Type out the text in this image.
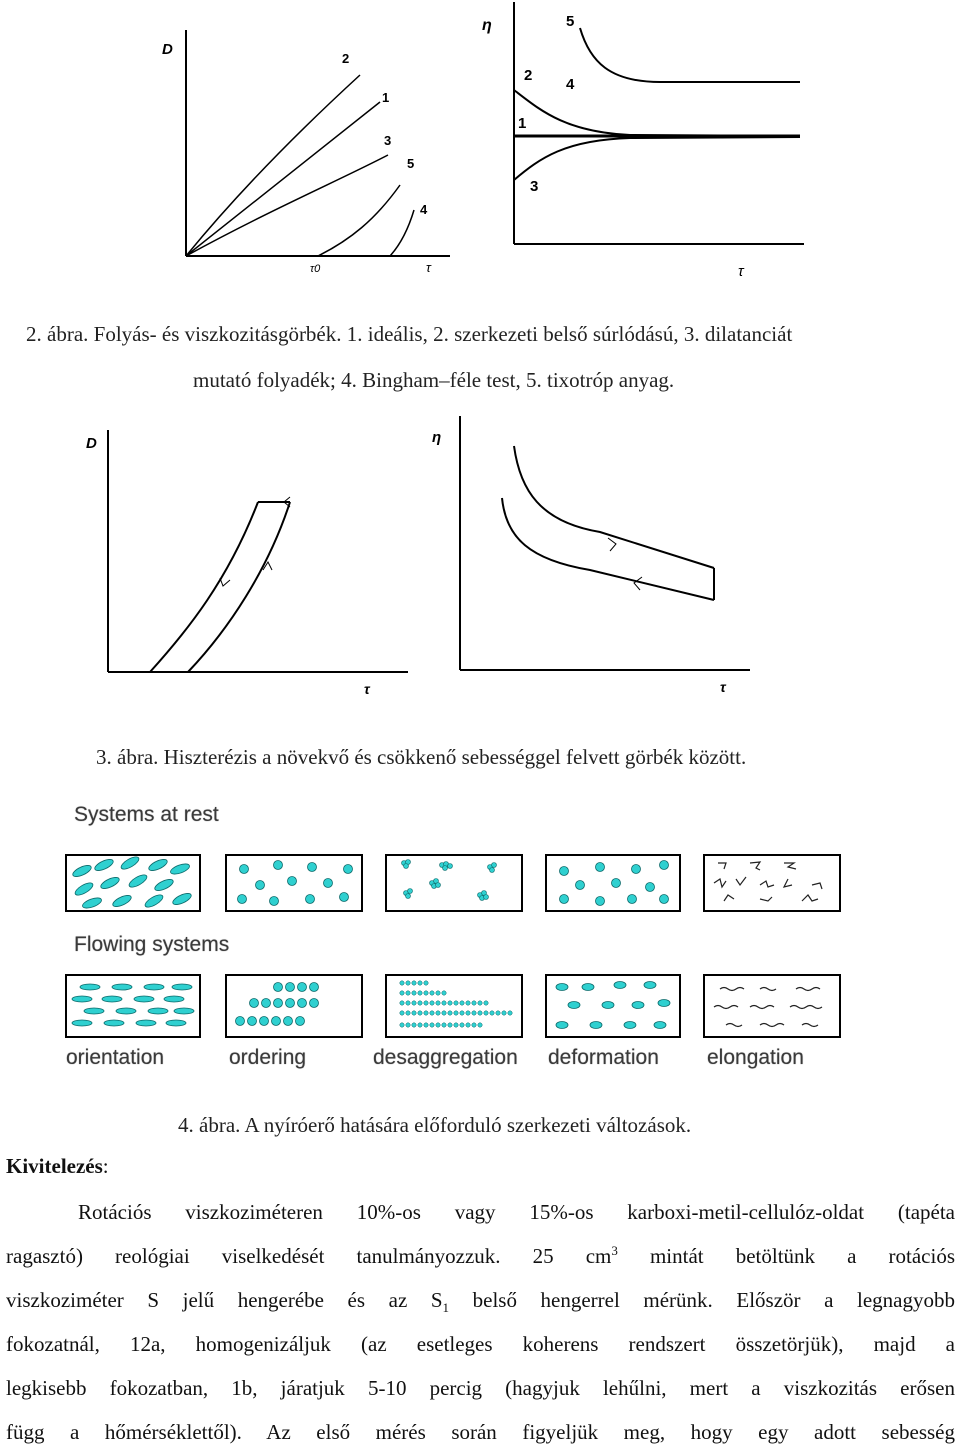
D
2
1
3
5
4
τ0	τ
η	5
2
4
1
3
τ
2. ábra. Folyás- és viszkozitásgörbék. 1. ideális, 2. szerkezeti belső súrlódású, 3. dilatanciát
mutató folyadék; 4. Bingham–féle test, 5. tixotróp anyag.
D
τ
η
τ
3. ábra. Hiszterézis a növekvő és csökkenő sebességgel felvett görbék között.
Systems at rest
Flowing systems
orientation	ordering	desaggregation deformation elongation
4. ábra. A nyíróerő hatására előforduló szerkezeti változások.
Kivitelezés:
Rotációs viszkoziméteren 10%-os vagy 15%-os karboxi-metil-cellulóz-oldat (tapéta
ragasztó) reológiai viselkedését tanulmányozzuk. 25 $cm^3$ mintát betöltünk a rotációs
viszkoziméter S jelű hengerébe és az $S_1$ belső hengerrel mérünk. Először a legnagyobb
fokozatnál, 12a, homogenizáljuk (az esetleges koherens rendszert összetörjük), majd a
legkisebb fokozatban, 1b, járatjuk 5-10 percig (hagyjuk lehűlni, mert a viszkozitás erősen
függ a hőmérséklettől). Az első mérés során figyeljük meg, hogy egy adott sebesség
